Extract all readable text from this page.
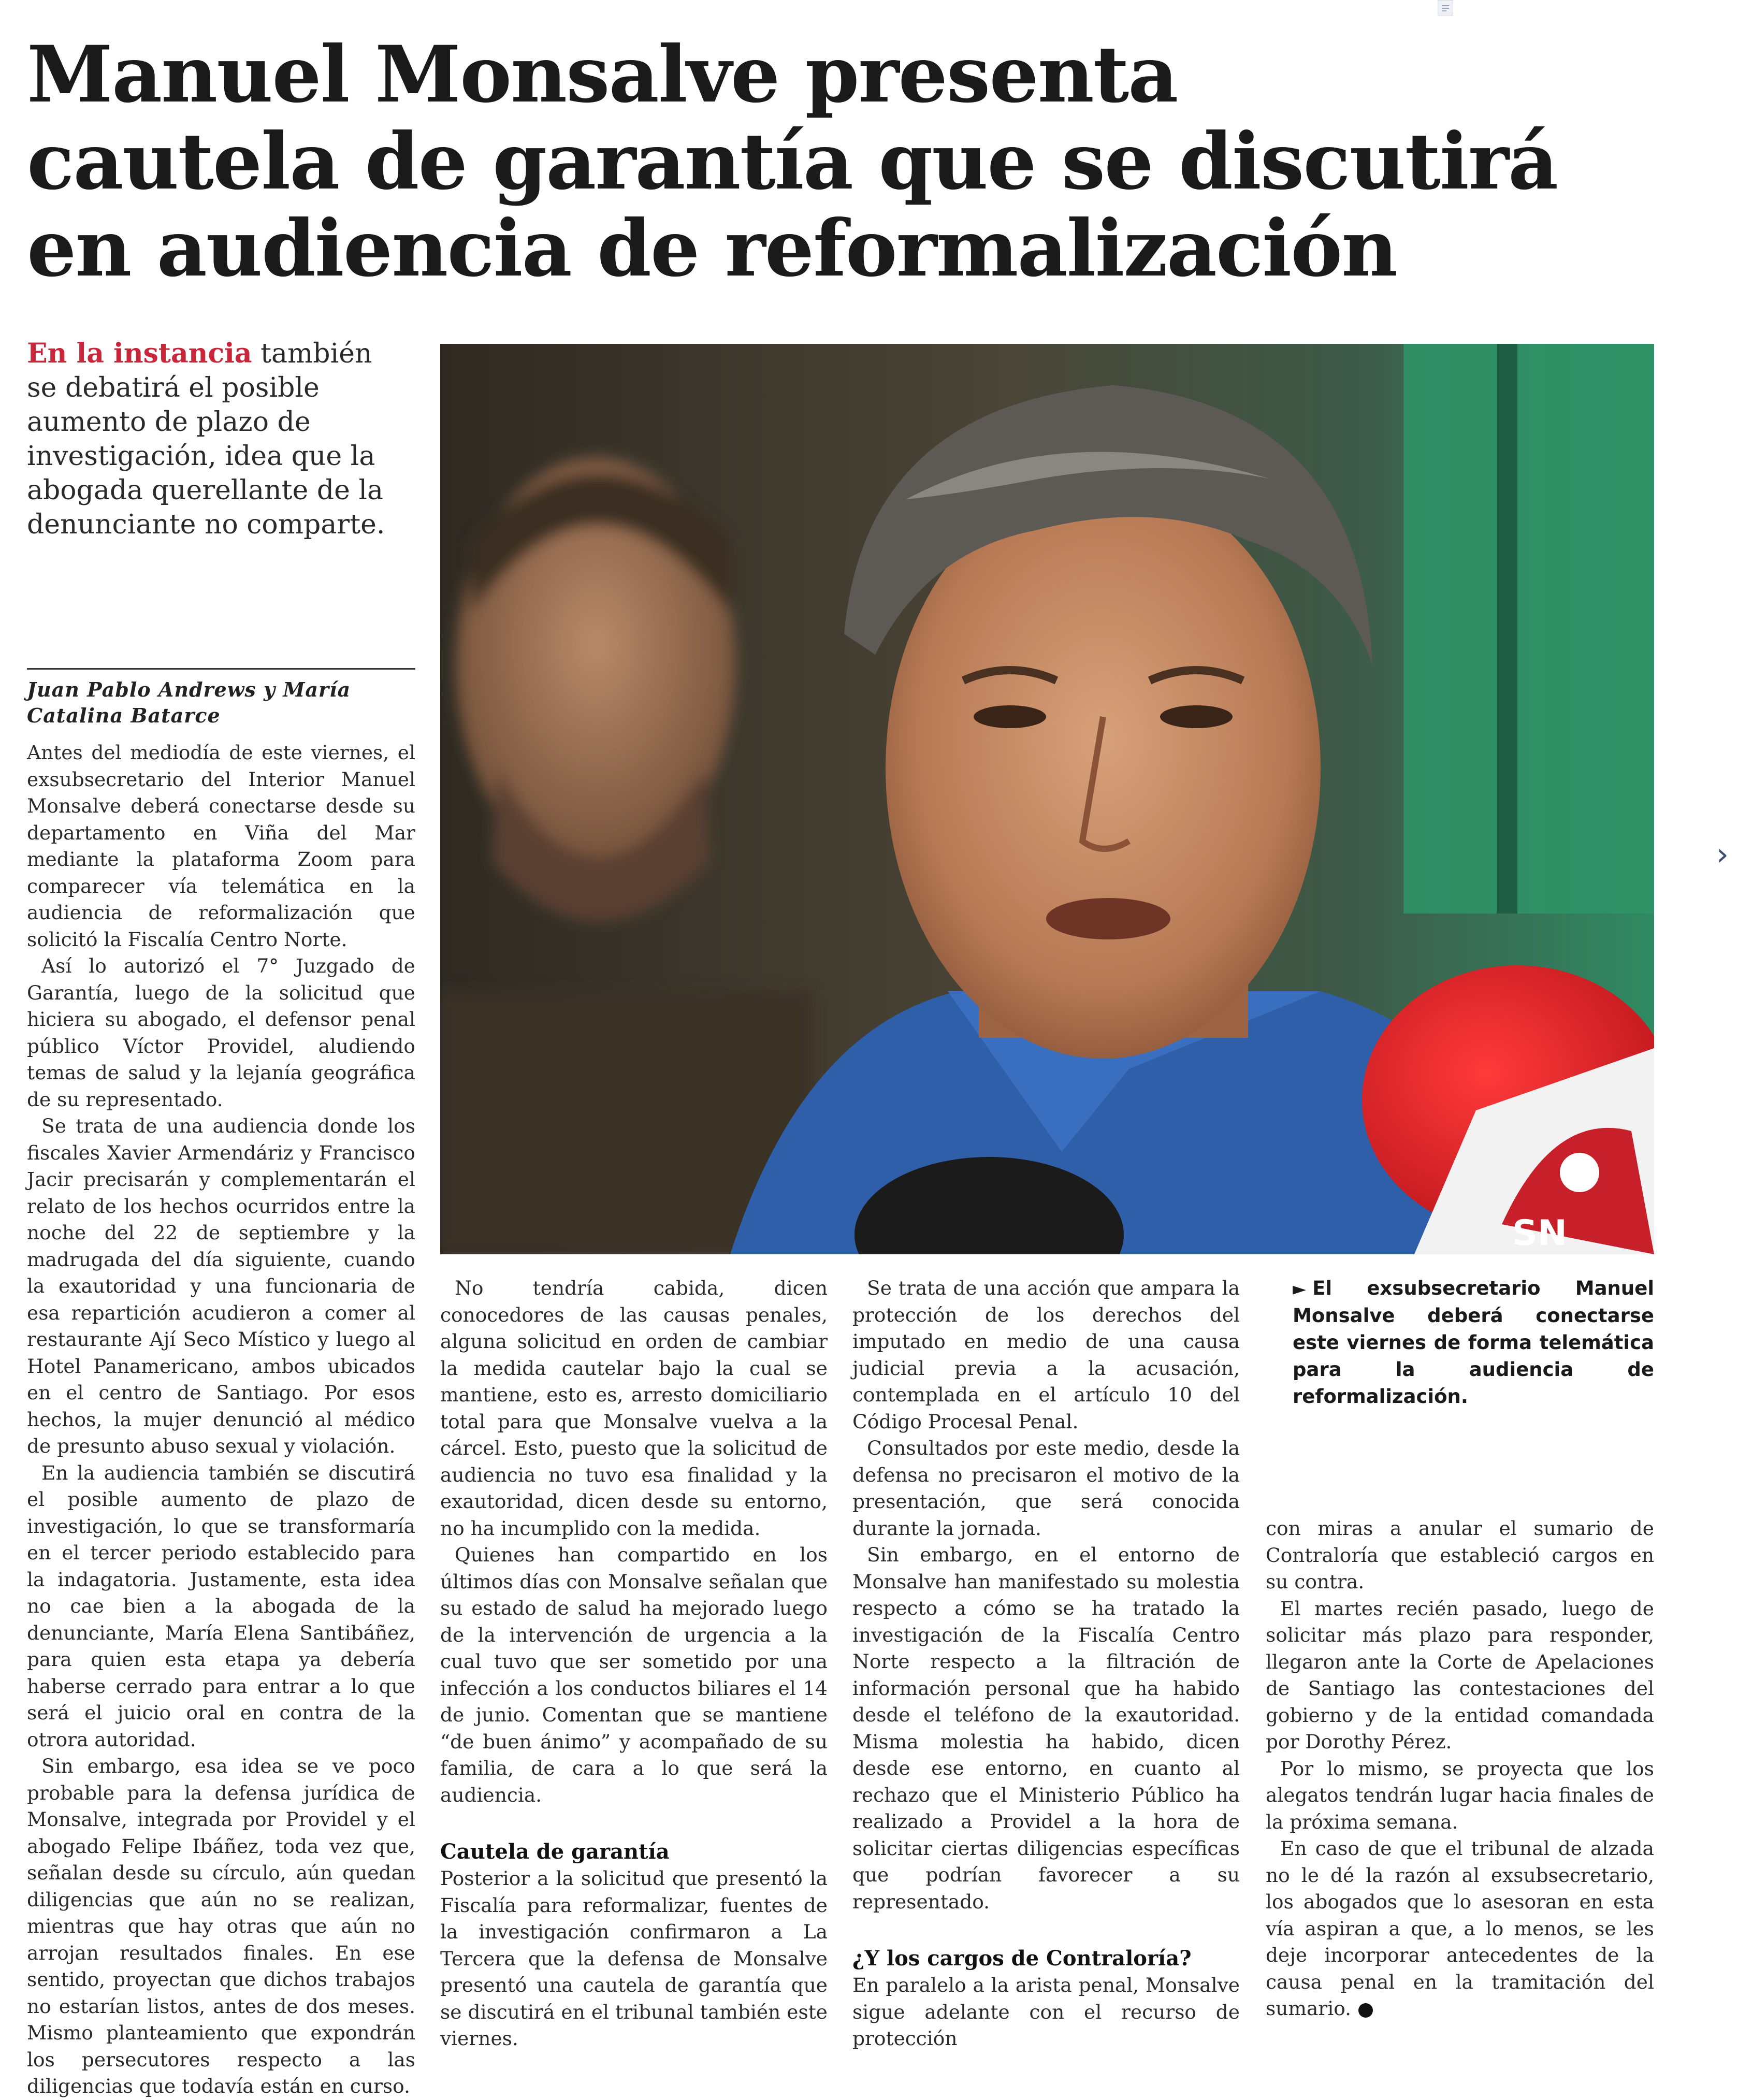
Manuel Monsalve presenta
cautela de garantía que se discutirá
en audiencia de reformalización

En la instancia también se debatirá el posible aumento de plazo de investigación, idea que la abogada querellante de la denunciante no comparte.

Juan Pablo Andrews y María Catalina Batarce
SN
► El exsubsecretario Manuel Monsalve deberá conectarse este viernes de forma telemática para la audiencia de reformalización.

Antes del mediodía de este viernes, el exsubsecretario del Interior Manuel Monsalve deberá conectarse desde su departamento en Viña del Mar mediante la plataforma Zoom para comparecer vía telemática en la audiencia de reformalización que solicitó la Fiscalía Centro Norte.

Así lo autorizó el 7° Juzgado de Garantía, luego de la solicitud que hiciera su abogado, el defensor penal público Víctor Providel, aludiendo temas de salud y la lejanía geográfica de su representado.

Se trata de una audiencia donde los fiscales Xavier Armendáriz y Francisco Jacir precisarán y complementarán el relato de los hechos ocurridos entre la noche del 22 de septiembre y la madrugada del día siguiente, cuando la exautoridad y una funcionaria de esa repartición acudieron a comer al restaurante Ají Seco Místico y luego al Hotel Panamericano, ambos ubicados en el centro de Santiago. Por esos hechos, la mujer denunció al médico de presunto abuso sexual y violación.

En la audiencia también se discutirá el posible aumento de plazo de investigación, lo que se transformaría en el tercer periodo establecido para la indagatoria. Justamente, esta idea no cae bien a la abogada de la denunciante, María Elena Santibáñez, para quien esta etapa ya debería haberse cerrado para entrar a lo que será el juicio oral en contra de la otrora autoridad.

Sin embargo, esa idea se ve poco probable para la defensa jurídica de Monsalve, integrada por Providel y el abogado Felipe Ibáñez, toda vez que, señalan desde su círculo, aún quedan diligencias que aún no se realizan, mientras que hay otras que aún no arrojan resultados finales. En ese sentido, proyectan que dichos trabajos no estarían listos, antes de dos meses. Mismo planteamiento que expondrán los persecutores respecto a las diligencias que todavía están en curso.

No tendría cabida, dicen conocedores de las causas penales, alguna solicitud en orden de cambiar la medida cautelar bajo la cual se mantiene, esto es, arresto domiciliario total para que Monsalve vuelva a la cárcel. Esto, puesto que la solicitud de audiencia no tuvo esa finalidad y la exautoridad, dicen desde su entorno, no ha incumplido con la medida.

Quienes han compartido en los últimos días con Monsalve señalan que su estado de salud ha mejorado luego de la intervención de urgencia a la cual tuvo que ser sometido por una infección a los conductos biliares el 14 de junio. Comentan que se mantiene “de buen ánimo” y acompañado de su familia, de cara a lo que será la audiencia.

Cautela de garantía

Posterior a la solicitud que presentó la Fiscalía para reformalizar, fuentes de la investigación confirmaron a La Tercera que la defensa de Monsalve presentó una cautela de garantía que se discutirá en el tribunal también este viernes.

Se trata de una acción que ampara la protección de los derechos del imputado en medio de una causa judicial previa a la acusación, contemplada en el artículo 10 del Código Procesal Penal.

Consultados por este medio, desde la defensa no precisaron el motivo de la presentación, que será conocida durante la jornada.

Sin embargo, en el entorno de Monsalve han manifestado su molestia respecto a cómo se ha tratado la investigación de la Fiscalía Centro Norte respecto a la filtración de información personal que ha habido desde el teléfono de la exautoridad. Misma molestia ha habido, dicen desde ese entorno, en cuanto al rechazo que el Ministerio Público ha realizado a Providel a la hora de solicitar ciertas diligencias específicas que podrían favorecer a su representado.

¿Y los cargos de Contraloría?

En paralelo a la arista penal, Monsalve sigue adelante con el recurso de protección

con miras a anular el sumario de Contraloría que estableció cargos en su contra.

El martes recién pasado, luego de solicitar más plazo para responder, llegaron ante la Corte de Apelaciones de Santiago las contestaciones del gobierno y de la entidad comandada por Dorothy Pérez.

Por lo mismo, se proyecta que los alegatos tendrán lugar hacia finales de la próxima semana.

En caso de que el tribunal de alzada no le dé la razón al exsubsecretario, los abogados que lo asesoran en esta vía aspiran a que, a lo menos, se les deje incorporar antecedentes de la causa penal en la tramitación del sumario.

›
